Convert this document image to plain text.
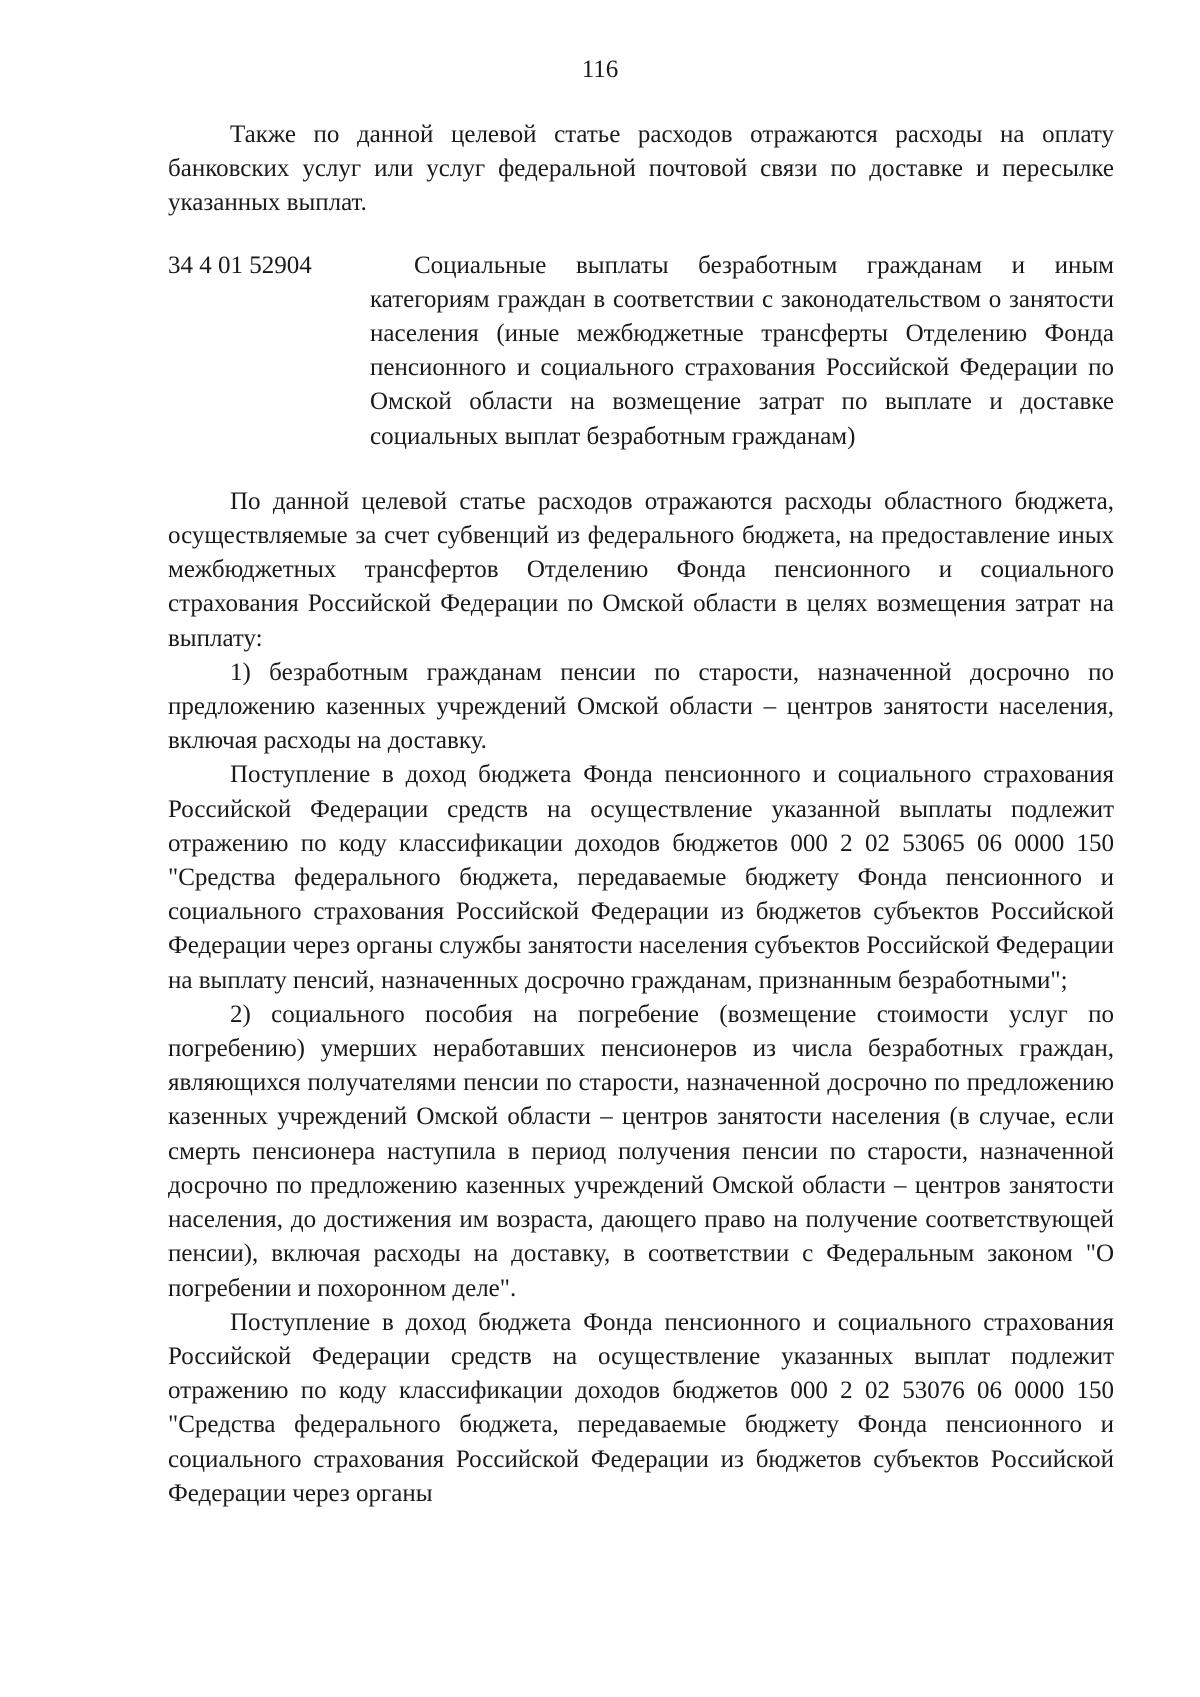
116

Также по данной целевой статье расходов отражаются расходы на оплату банковских услуг или услуг федеральной почтовой связи по доставке и пересылке указанных выплат.

34 4 01 52904	Социальные выплаты безработным гражданам и иным категориям граждан в соответствии с законодательством о занятости населения (иные межбюджетные трансферты Отделению Фонда пенсионного и социального страхования Российской Федерации по Омской области на возмещение затрат по выплате и доставке социальных выплат безработным гражданам)

По данной целевой статье расходов отражаются расходы областного бюджета, осуществляемые за счет субвенций из федерального бюджета, на предоставление иных межбюджетных трансфертов Отделению Фонда пенсионного и социального страхования Российской Федерации по Омской области в целях возмещения затрат на выплату:

1) безработным гражданам пенсии по старости, назначенной досрочно по предложению казенных учреждений Омской области – центров занятости населения, включая расходы на доставку.

Поступление в доход бюджета Фонда пенсионного и социального страхования Российской Федерации средств на осуществление указанной выплаты подлежит отражению по коду классификации доходов бюджетов 000 2 02 53065 06 0000 150 "Средства федерального бюджета, передаваемые бюджету Фонда пенсионного и социального страхования Российской Федерации из бюджетов субъектов Российской Федерации через органы службы занятости населения субъектов Российской Федерации на выплату пенсий, назначенных досрочно гражданам, признанным безработными";

2) социального пособия на погребение (возмещение стоимости услуг по погребению) умерших неработавших пенсионеров из числа безработных граждан, являющихся получателями пенсии по старости, назначенной досрочно по предложению казенных учреждений Омской области – центров занятости населения (в случае, если смерть пенсионера наступила в период получения пенсии по старости, назначенной досрочно по предложению казенных учреждений Омской области – центров занятости населения, до достижения им возраста, дающего право на получение соответствующей пенсии), включая расходы на доставку, в соответствии с Федеральным законом "О погребении и похоронном деле".

Поступление в доход бюджета Фонда пенсионного и социального страхования Российской Федерации средств на осуществление указанных выплат подлежит отражению по коду классификации доходов бюджетов 000 2 02 53076 06 0000 150 "Средства федерального бюджета, передаваемые бюджету Фонда пенсионного и социального страхования Российской Федерации из бюджетов субъектов Российской Федерации через органы
